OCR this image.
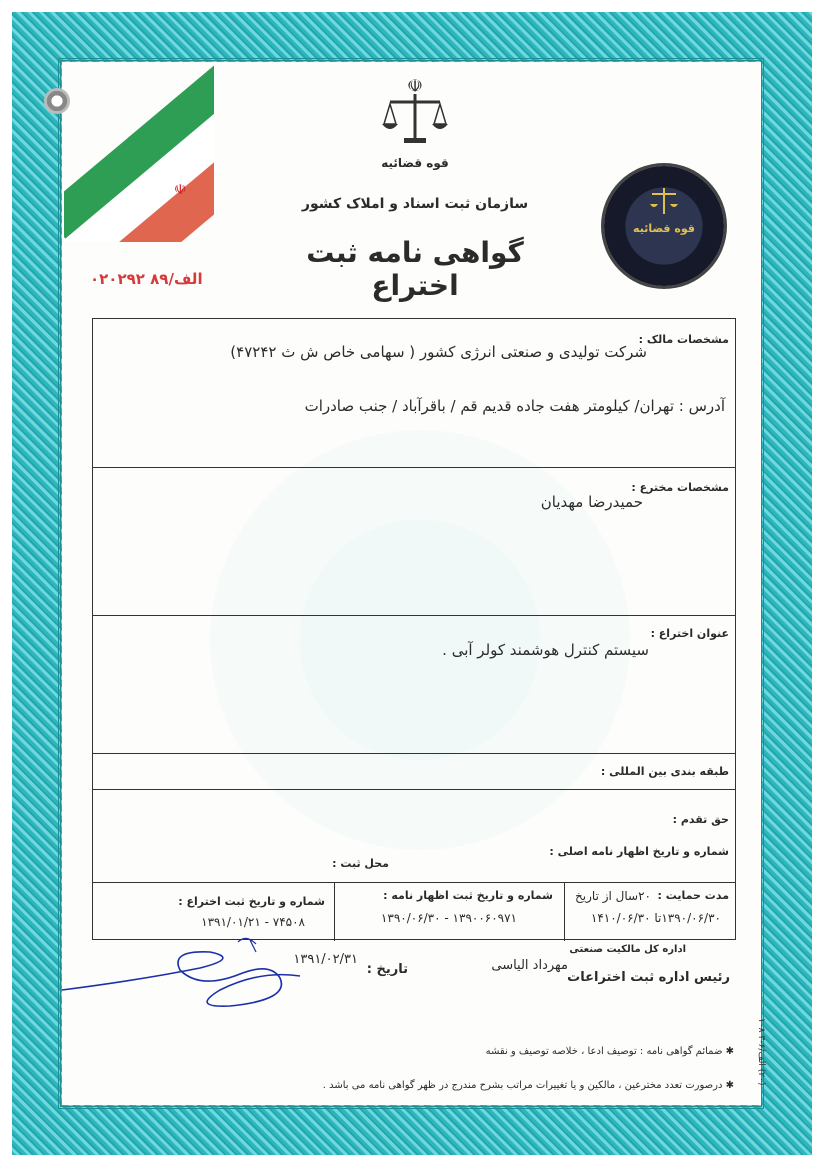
☫
☫
قوه قضائیه
سازمان ثبت اسناد و املاک کشور
گواهی نامه ثبت اختراع
۰۲۰۲۹۲ الف/۸۹
قوه قضائیه
مشخصات مالک :
شرکت تولیدی و صنعتی انرژی کشور ( سهامی خاص ش ث ۴۷۲۴۲)
آدرس : تهران/ کیلومتر هفت جاده قدیم قم / باقرآباد / جنب صادرات
مشخصات مخترع :
حمیدرضا مهدیان
عنوان اختراع :
سیستم کنترل هوشمند کولر آبی .
طبقه بندی بین المللی :
حق تقدم :
شماره و تاریخ اظهار نامه اصلی :
محل ثبت :
مدت حمایت :
۲۰سال از تاریخ
۱۳۹۰/۰۶/۳۰تا ۱۴۱۰/۰۶/۳۰
شماره و تاریخ ثبت اظهار نامه :
۱۳۹۰۰۶۰۹۷۱ - ۱۳۹۰/۰۶/۳۰
شماره و تاریخ ثبت اختراع :
۷۴۵۰۸ - ۱۳۹۱/۰۱/۲۱
اداره کل مالکیت صنعتی
رئیس اداره ثبت اختراعات
مهرداد الیاسی
تاریخ :
۱۳۹۱/۰۲/۳۱
✱ ضمائم گواهی نامه : توصیف ادعا ، خلاصه توصیف و نقشه
✱ درصورت تعدد مخترعین ، مالکین و یا تغییرات مراتب بشرح مندرج در ظهر گواهی نامه می باشد .
(۲۰) الف/۶-۳ ۱۰۸
